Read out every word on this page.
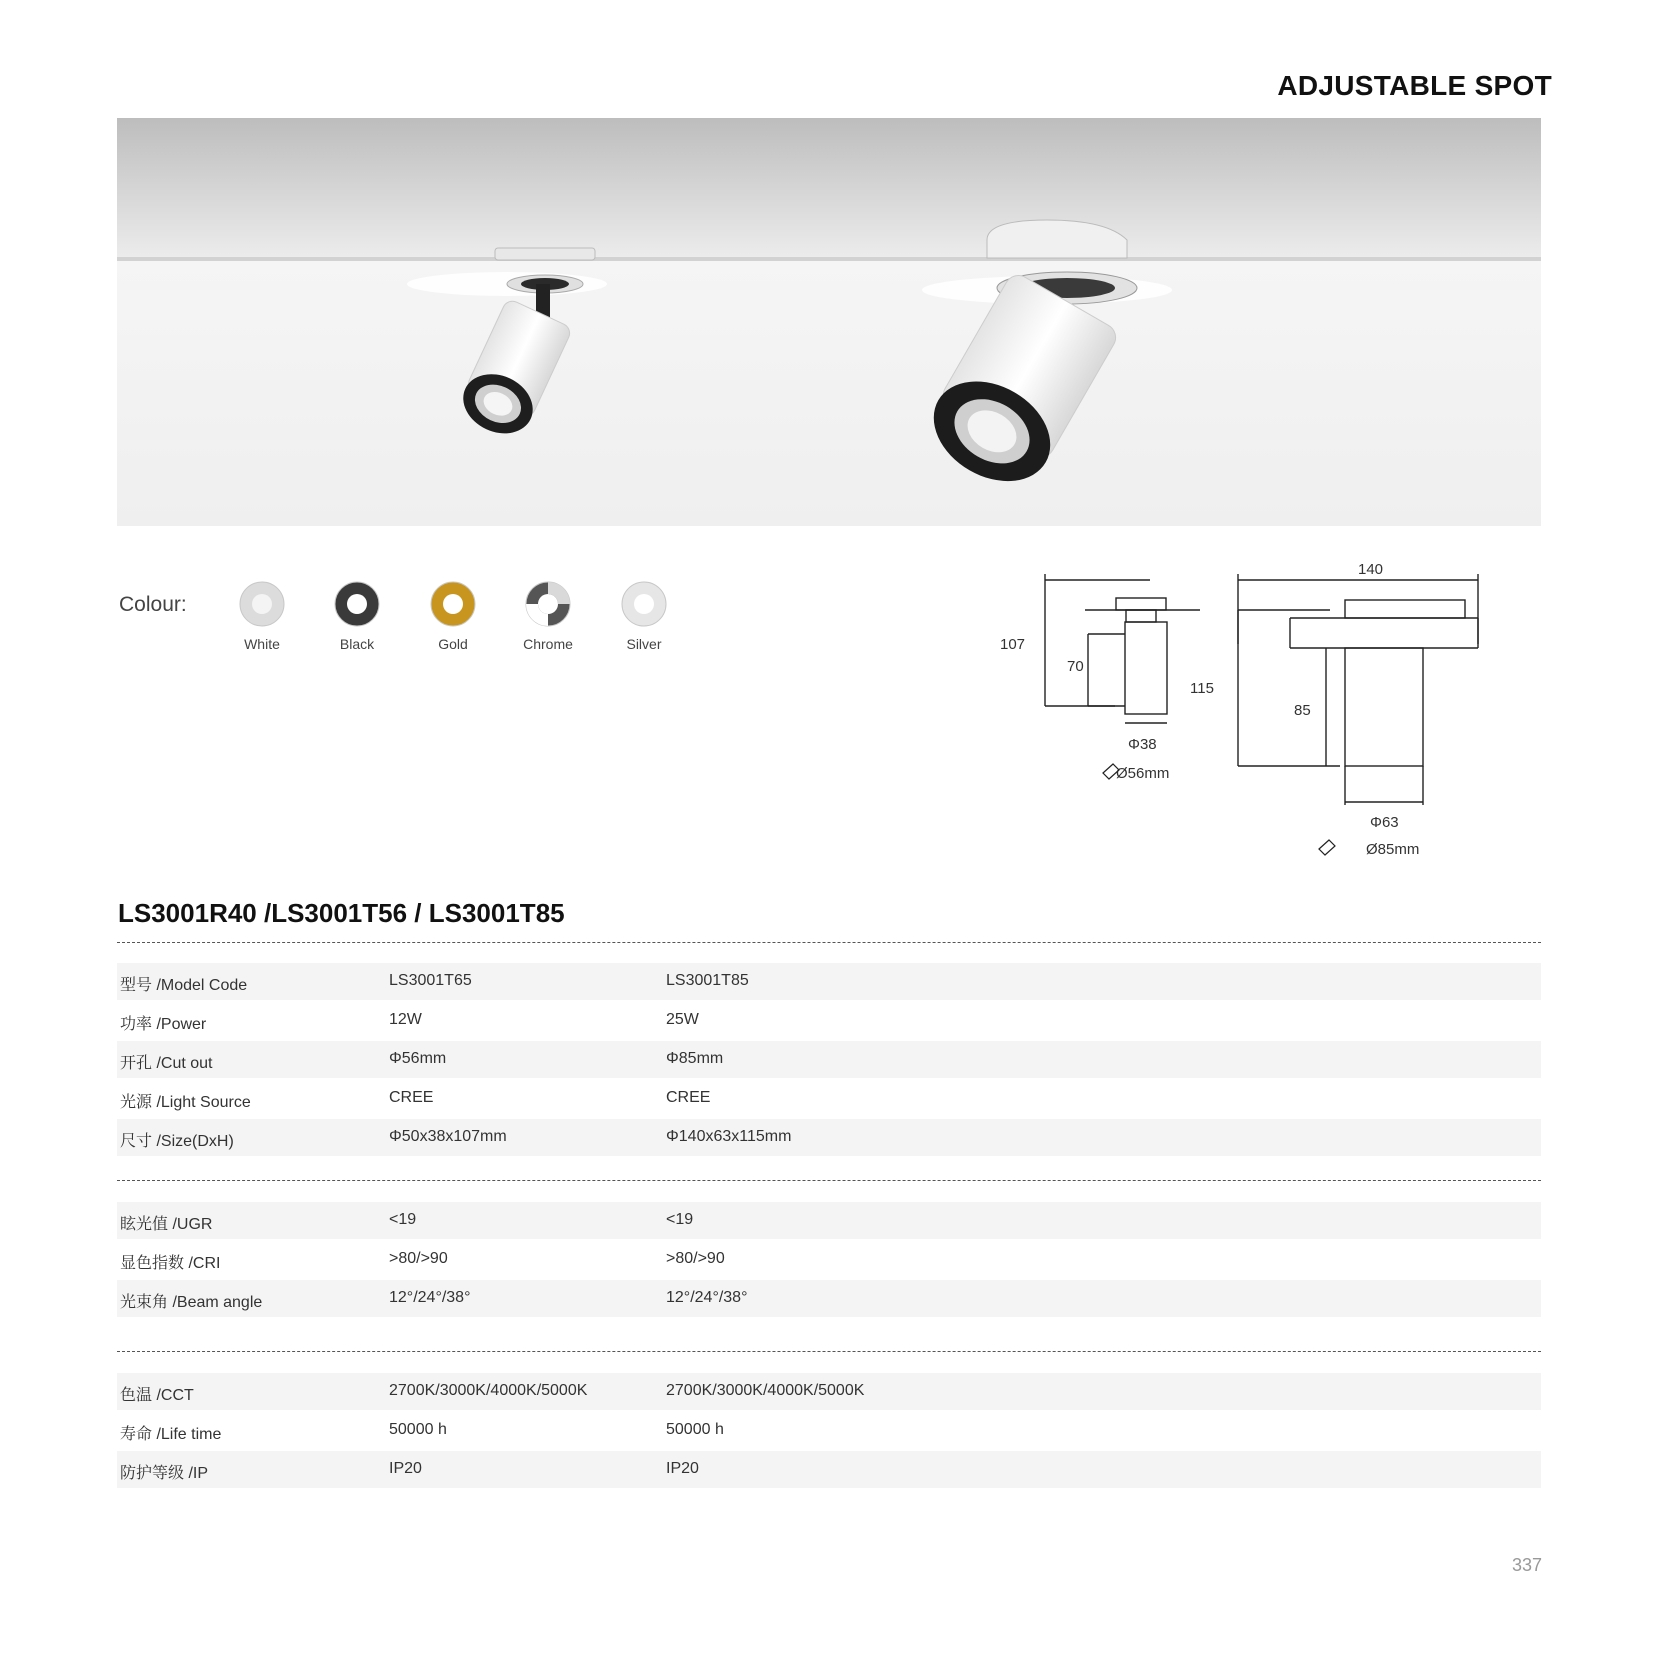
ADJUSTABLE SPOT
Colour:
White	Black	Gold	Chrome	Silver	107
70
Φ38
Ø56mm
140
115
85
Φ63
Ø85mm
LS3001R40 /LS3001T56 / LS3001T85
型号 /Model Code	LS3001T65	LS3001T85
功率 /Power	12W	25W
开孔 /Cut out	Φ56mm	Φ85mm
光源 /Light Source	CREE	CREE
尺寸 /Size(DxH)	Φ50x38x107mm	Φ140x63x115mm
眩光值 /UGR	<19	<19
显色指数 /CRI	>80/>90	>80/>90
光束角 /Beam angle	12°/24°/38°	12°/24°/38°
色温 /CCT	2700K/3000K/4000K/5000K	2700K/3000K/4000K/5000K
寿命 /Life time	50000 h	50000 h
防护等级 /IP	IP20	IP20
337
